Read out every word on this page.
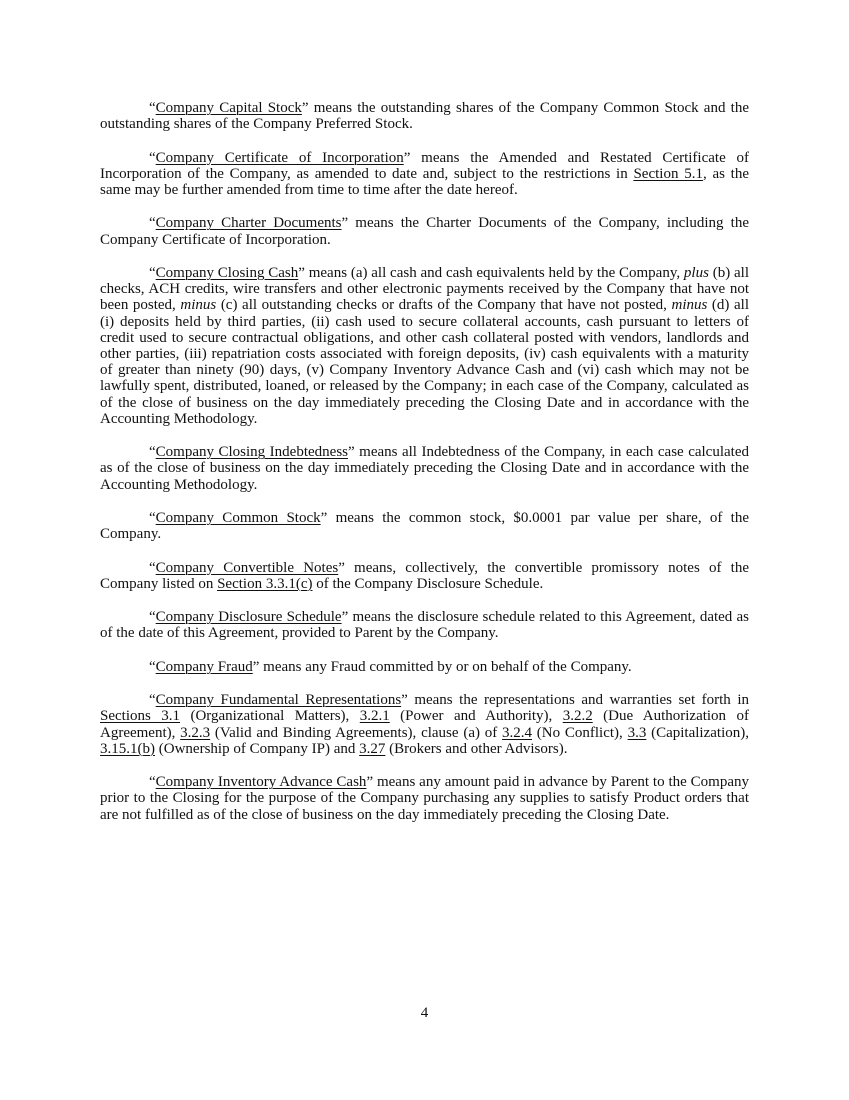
“Company Capital Stock” means the outstanding shares of the Company Common Stock and the outstanding shares of the Company Preferred Stock.

“Company Certificate of Incorporation” means the Amended and Restated Certificate of Incorporation of the Company, as amended to date and, subject to the restrictions in Section 5.1, as the same may be further amended from time to time after the date hereof.

“Company Charter Documents” means the Charter Documents of the Company, including the Company Certificate of Incorporation.

“Company Closing Cash” means (a) all cash and cash equivalents held by the Company, plus (b) all checks, ACH credits, wire transfers and other electronic payments received by the Company that have not been posted, minus (c) all outstanding checks or drafts of the Company that have not posted, minus (d) all (i) deposits held by third parties, (ii) cash used to secure collateral accounts, cash pursuant to letters of credit used to secure contractual obligations, and other cash collateral posted with vendors, landlords and other parties, (iii) repatriation costs associated with foreign deposits, (iv) cash equivalents with a maturity of greater than ninety (90) days, (v) Company Inventory Advance Cash and (vi) cash which may not be lawfully spent, distributed, loaned, or released by the Company; in each case of the Company, calculated as of the close of business on the day immediately preceding the Closing Date and in accordance with the Accounting Methodology.

“Company Closing Indebtedness” means all Indebtedness of the Company, in each case calculated as of the close of business on the day immediately preceding the Closing Date and in accordance with the Accounting Methodology.

“Company Common Stock” means the common stock, $0.0001 par value per share, of the Company.

“Company Convertible Notes” means, collectively, the convertible promissory notes of the Company listed on Section 3.3.1(c) of the Company Disclosure Schedule.

“Company Disclosure Schedule” means the disclosure schedule related to this Agreement, dated as of the date of this Agreement, provided to Parent by the Company.

“Company Fraud” means any Fraud committed by or on behalf of the Company.

“Company Fundamental Representations” means the representations and warranties set forth in Sections 3.1 (Organizational Matters), 3.2.1 (Power and Authority), 3.2.2 (Due Authorization of Agreement), 3.2.3 (Valid and Binding Agreements), clause (a) of 3.2.4 (No Conflict), 3.3 (Capitalization), 3.15.1(b) (Ownership of Company IP) and 3.27 (Brokers and other Advisors).

“Company Inventory Advance Cash” means any amount paid in advance by Parent to the Company prior to the Closing for the purpose of the Company purchasing any supplies to satisfy Product orders that are not fulfilled as of the close of business on the day immediately preceding the Closing Date.

4
